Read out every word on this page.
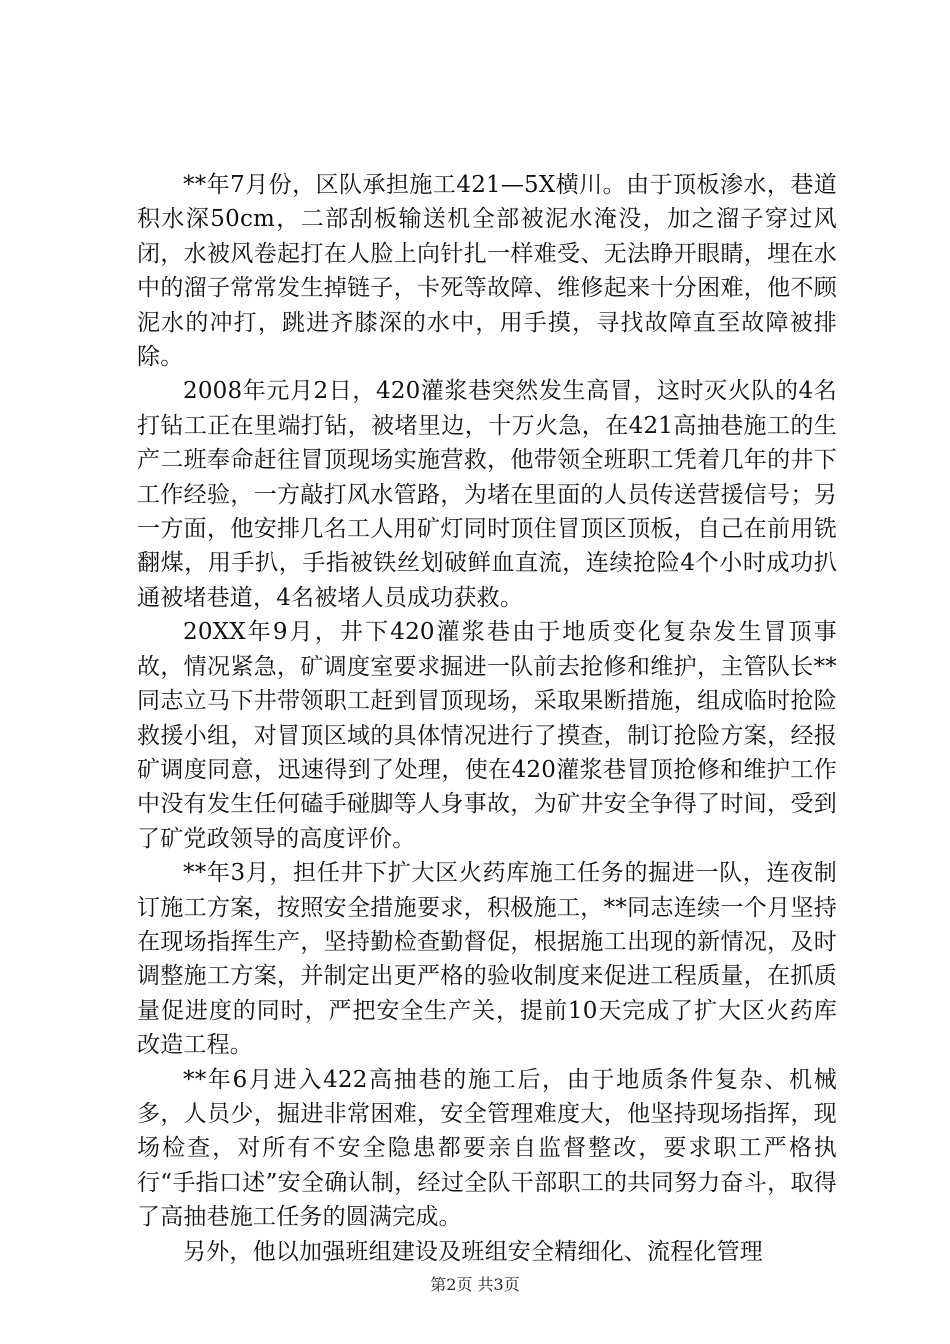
**年7月份，区队承担施工421—5X横川。由于顶板渗水，巷道积水深50cm，二部刮板输送机全部被泥水淹没，加之溜子穿过风闭，水被风卷起打在人脸上向针扎一样难受、无法睁开眼睛，埋在水中的溜子常常发生掉链子，卡死等故障、维修起来十分困难，他不顾泥水的冲打，跳进齐膝深的水中，用手摸，寻找故障直至故障被排除。

2008年元月2日，420灌浆巷突然发生高冒，这时灭火队的4名打钻工正在里端打钻，被堵里边，十万火急，在421高抽巷施工的生产二班奉命赶往冒顶现场实施营救，他带领全班职工凭着几年的井下工作经验，一方敲打风水管路，为堵在里面的人员传送营援信号；另一方面，他安排几名工人用矿灯同时顶住冒顶区顶板，自己在前用铣翻煤，用手扒，手指被铁丝划破鲜血直流，连续抢险4个小时成功扒通被堵巷道，4名被堵人员成功获救。

20XX年9月，井下420灌浆巷由于地质变化复杂发生冒顶事故，情况紧急，矿调度室要求掘进一队前去抢修和维护，主管队长**同志立马下井带领职工赶到冒顶现场，采取果断措施，组成临时抢险救援小组，对冒顶区域的具体情况进行了摸查，制订抢险方案，经报矿调度同意，迅速得到了处理，使在420灌浆巷冒顶抢修和维护工作中没有发生任何磕手碰脚等人身事故，为矿井安全争得了时间，受到了矿党政领导的高度评价。

**年3月，担任井下扩大区火药库施工任务的掘进一队，连夜制订施工方案，按照安全措施要求，积极施工，**同志连续一个月坚持在现场指挥生产，坚持勤检查勤督促，根据施工出现的新情况，及时调整施工方案，并制定出更严格的验收制度来促进工程质量，在抓质量促进度的同时，严把安全生产关，提前10天完成了扩大区火药库改造工程。

**年6月进入422高抽巷的施工后，由于地质条件复杂、机械多，人员少，掘进非常困难，安全管理难度大，他坚持现场指挥，现场检查，对所有不安全隐患都要亲自监督整改，要求职工严格执行“手指口述”安全确认制，经过全队干部职工的共同努力奋斗，取得了高抽巷施工任务的圆满完成。

另外，他以加强班组建设及班组安全精细化、流程化管理

第2页 共3页
